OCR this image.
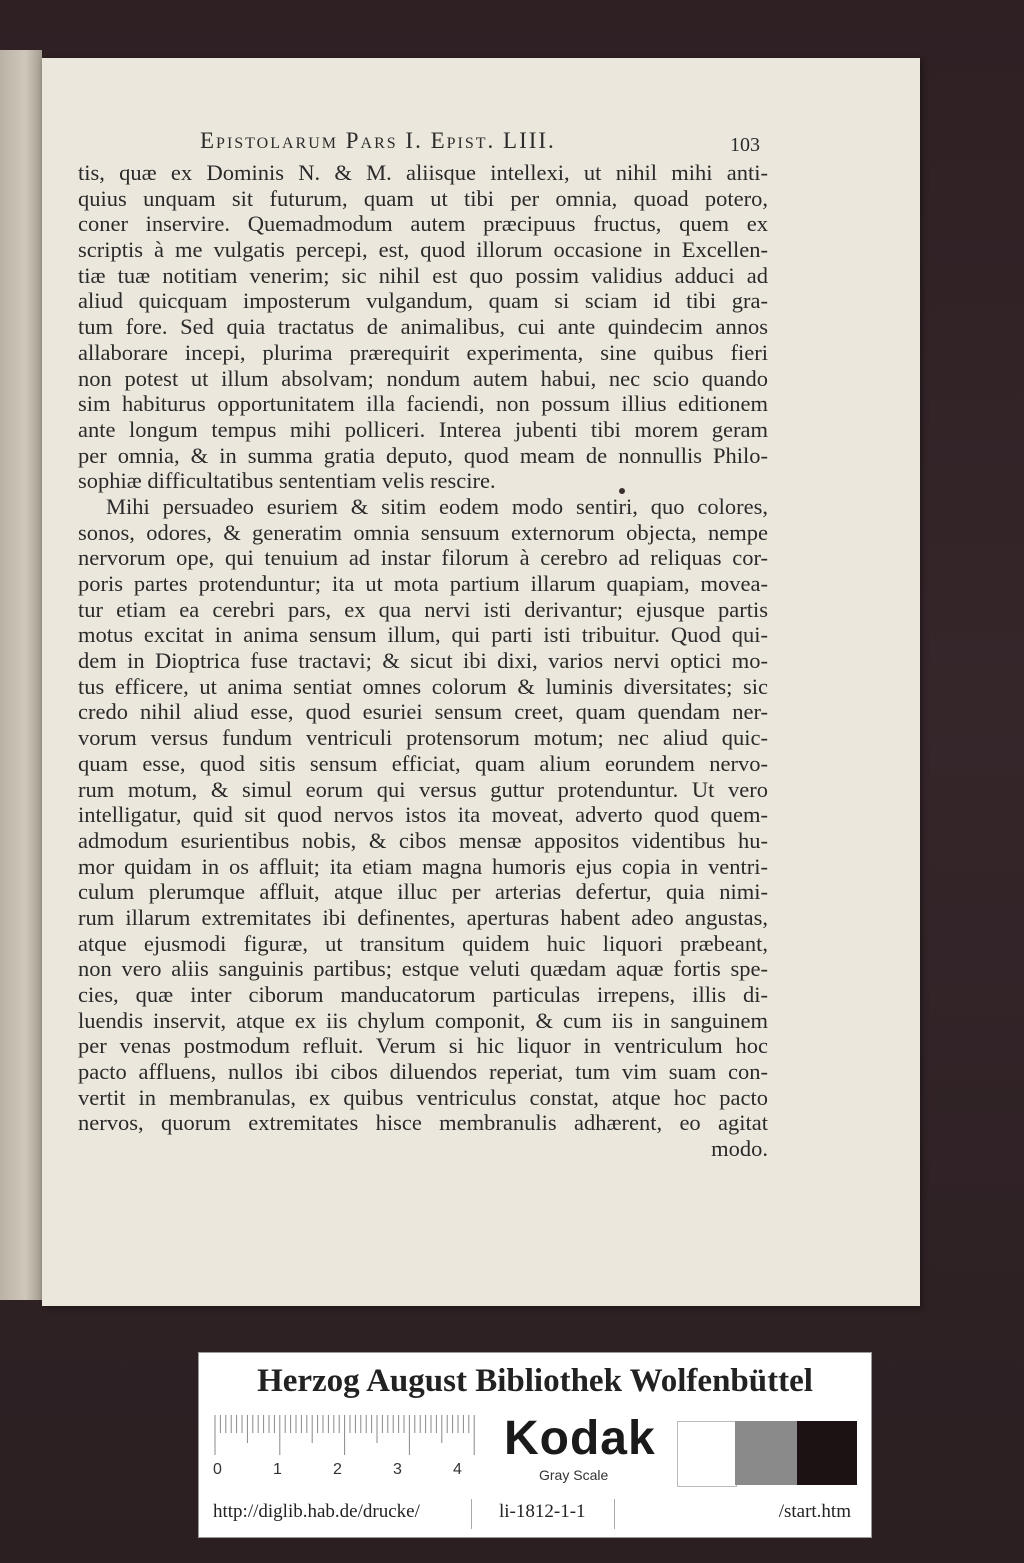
Epistolarum Pars I. Epist. LIII.	103
tis, quæ ex Dominis N. & M. aliisque intellexi, ut nihil mihi anti-
quius unquam sit futurum, quam ut tibi per omnia, quoad potero,
coner inservire. Quemadmodum autem præcipuus fructus, quem ex
scriptis à me vulgatis percepi, est, quod illorum occasione in Excellen-
tiæ tuæ notitiam venerim; sic nihil est quo possim validius adduci ad
aliud quicquam imposterum vulgandum, quam si sciam id tibi gra-
tum fore. Sed quia tractatus de animalibus, cui ante quindecim annos
allaborare incepi, plurima prærequirit experimenta, sine quibus fieri
non potest ut illum absolvam; nondum autem habui, nec scio quando
sim habiturus opportunitatem illa faciendi, non possum illius editionem
ante longum tempus mihi polliceri. Interea jubenti tibi morem geram
per omnia, & in summa gratia deputo, quod meam de nonnullis Philo-
sophiæ difficultatibus sententiam velis rescire.
Mihi persuadeo esuriem & sitim eodem modo sentiri, quo colores,
sonos, odores, & generatim omnia sensuum externorum objecta, nempe
nervorum ope, qui tenuium ad instar filorum à cerebro ad reliquas cor-
poris partes protenduntur; ita ut mota partium illarum quapiam, movea-
tur etiam ea cerebri pars, ex qua nervi isti derivantur; ejusque partis
motus excitat in anima sensum illum, qui parti isti tribuitur. Quod qui-
dem in Dioptrica fuse tractavi; & sicut ibi dixi, varios nervi optici mo-
tus efficere, ut anima sentiat omnes colorum & luminis diversitates; sic
credo nihil aliud esse, quod esuriei sensum creet, quam quendam ner-
vorum versus fundum ventriculi protensorum motum; nec aliud quic-
quam esse, quod sitis sensum efficiat, quam alium eorundem nervo-
rum motum, & simul eorum qui versus guttur protenduntur. Ut vero
intelligatur, quid sit quod nervos istos ita moveat, adverto quod quem-
admodum esurientibus nobis, & cibos mensæ appositos videntibus hu-
mor quidam in os affluit; ita etiam magna humoris ejus copia in ventri-
culum plerumque affluit, atque illuc per arterias defertur, quia nimi-
rum illarum extremitates ibi definentes, aperturas habent adeo angustas,
atque ejusmodi figuræ, ut transitum quidem huic liquori præbeant,
non vero aliis sanguinis partibus; estque veluti quædam aquæ fortis spe-
cies, quæ inter ciborum manducatorum particulas irrepens, illis di-
luendis inservit, atque ex iis chylum componit, & cum iis in sanguinem
per venas postmodum refluit. Verum si hic liquor in ventriculum hoc
pacto affluens, nullos ibi cibos diluendos reperiat, tum vim suam con-
vertit in membranulas, ex quibus ventriculus constat, atque hoc pacto
nervos, quorum extremitates hisce membranulis adhærent, eo agitat
modo.
Herzog August Bibliothek Wolfenbüttel
0	1	2	3	4
Kodak
Gray Scale
http://diglib.hab.de/drucke/	li-1812-1-1	/start.htm
